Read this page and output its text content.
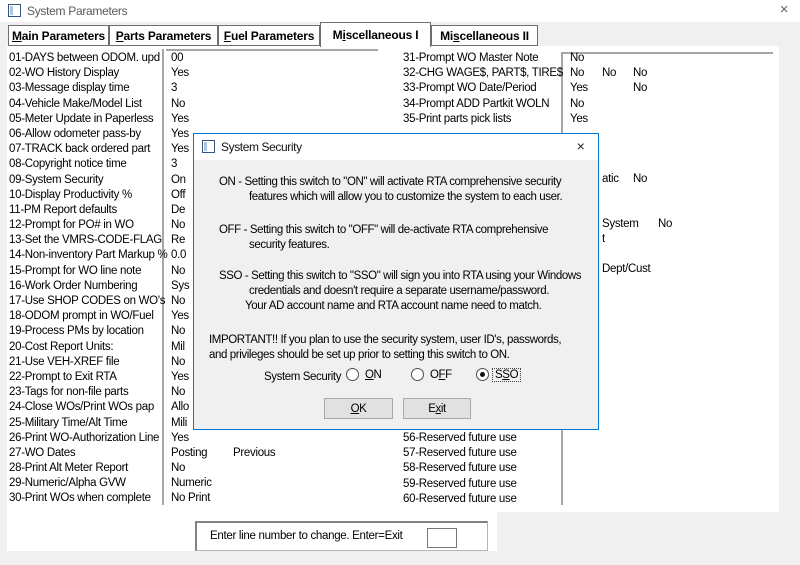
System Parameters	×
Main Parameters Parts Parameters Fuel Parameters Miscellaneous I Miscellaneous II
01-DAYS between ODOM. upd 00
02-WO History Display	Yes
03-Message display time	3
04-Vehicle Make/Model List	No
05-Meter Update in Paperless Yes
06-Allow odometer pass-by	Yes
07-TRACK back ordered part Yes
08-Copyright notice time	3
09-System Security	On
10-Display Productivity %	Off
11-PM Report defaults	De
12-Prompt for PO# in WO	No
13-Set the VMRS-CODE-FLAG Re
14-Non-inventory Part Markup % 0.0
15-Prompt for WO line note	No
16-Work Order Numbering	Sys
17-Use SHOP CODES on WO's No
18-ODOM prompt in WO/Fuel Yes
19-Process PMs by location No
20-Cost Report Units:	Mil
21-Use VEH-XREF file	No
22-Prompt to Exit RTA	Yes
23-Tags for non-file parts	No
24-Close WOs/Print WOs pap Allo
25-Military Time/Alt Time	Mili
26-Print WO-Authorization Line Yes
27-WO Dates	Posting Previous
28-Print Alt Meter Report	No
29-Numeric/Alpha GVW	Numeric
30-Print WOs when complete No Print
31-Prompt WO Master Note	No
32-CHG WAGE$, PART$, TIRE$ No No No
33-Prompt WO Date/Period	Yes	No
34-Prompt ADD Partkit WOLN No
35-Print parts pick lists	Yes
56-Reserved future use
57-Reserved future use
58-Reserved future use
59-Reserved future use
60-Reserved future use
atic No
System No
t
Dept/Cust
Enter line number to change. Enter=Exit
System Security	×
ON - Setting this switch to "ON" will activate RTA comprehensive security
features which will allow you to customize the system to each user.
OFF - Setting this switch to "OFF" will de-activate RTA comprehensive
security features.
SSO - Setting this switch to "SSO" will sign you into RTA using your Windows
credentials and doesn't require a separate username/password.
Your AD account name and RTA account name need to match.
IMPORTANT!! If you plan to use the security system, user ID's, passwords,
and privileges should be set up prior to setting this switch to ON.
System Security	ON	OFF	SSO
OK	Exit
